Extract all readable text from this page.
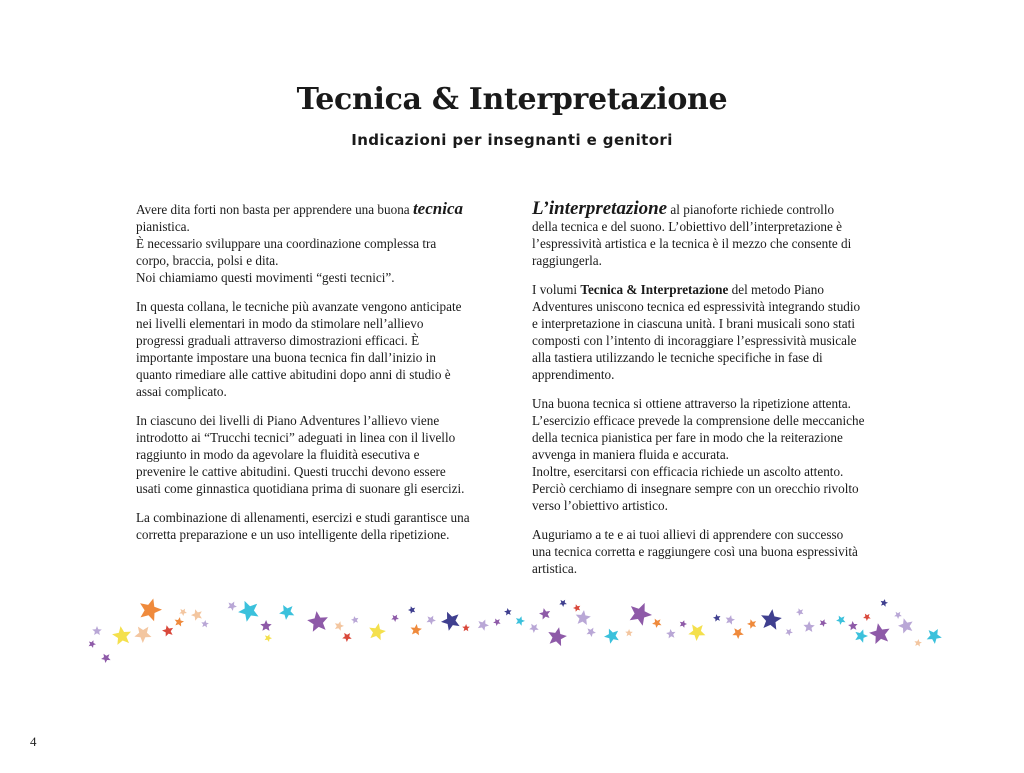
Tecnica & Interpretazione
Indicazioni per insegnanti e genitori

Avere dita forti non basta per apprendere una buona tecnica
pianistica.
È necessario sviluppare una coordinazione complessa tra
corpo, braccia, polsi e dita.
Noi chiamiamo questi movimenti “gesti tecnici”.

In questa collana, le tecniche più avanzate vengono anticipate
nei livelli elementari in modo da stimolare nell’allievo
progressi graduali attraverso dimostrazioni efficaci. È
importante impostare una buona tecnica fin dall’inizio in
quanto rimediare alle cattive abitudini dopo anni di studio è
assai complicato.

In ciascuno dei livelli di Piano Adventures l’allievo viene
introdotto ai “Trucchi tecnici” adeguati in linea con il livello
raggiunto in modo da agevolare la fluidità esecutiva e
prevenire le cattive abitudini. Questi trucchi devono essere
usati come ginnastica quotidiana prima di suonare gli esercizi.

La combinazione di allenamenti, esercizi e studi garantisce una
corretta preparazione e un uso intelligente della ripetizione.

L’interpretazione al pianoforte richiede controllo
della tecnica e del suono. L’obiettivo dell’interpretazione è
l’espressività artistica e la tecnica è il mezzo che consente di
raggiungerla.

I volumi Tecnica & Interpretazione del metodo Piano
Adventures uniscono tecnica ed espressività integrando studio
e interpretazione in ciascuna unità. I brani musicali sono stati
composti con l’intento di incoraggiare l’espressività musicale
alla tastiera utilizzando le tecniche specifiche in fase di
apprendimento.

Una buona tecnica si ottiene attraverso la ripetizione attenta.
L’esercizio efficace prevede la comprensione delle meccaniche
della tecnica pianistica per fare in modo che la reiterazione
avvenga in maniera fluida e accurata.
Inoltre, esercitarsi con efficacia richiede un ascolto attento.
Perciò cerchiamo di insegnare sempre con un orecchio rivolto
verso l’obiettivo artistico.

Auguriamo a te e ai tuoi allievi di apprendere con successo
una tecnica corretta e raggiungere così una buona espressività
artistica.

4
